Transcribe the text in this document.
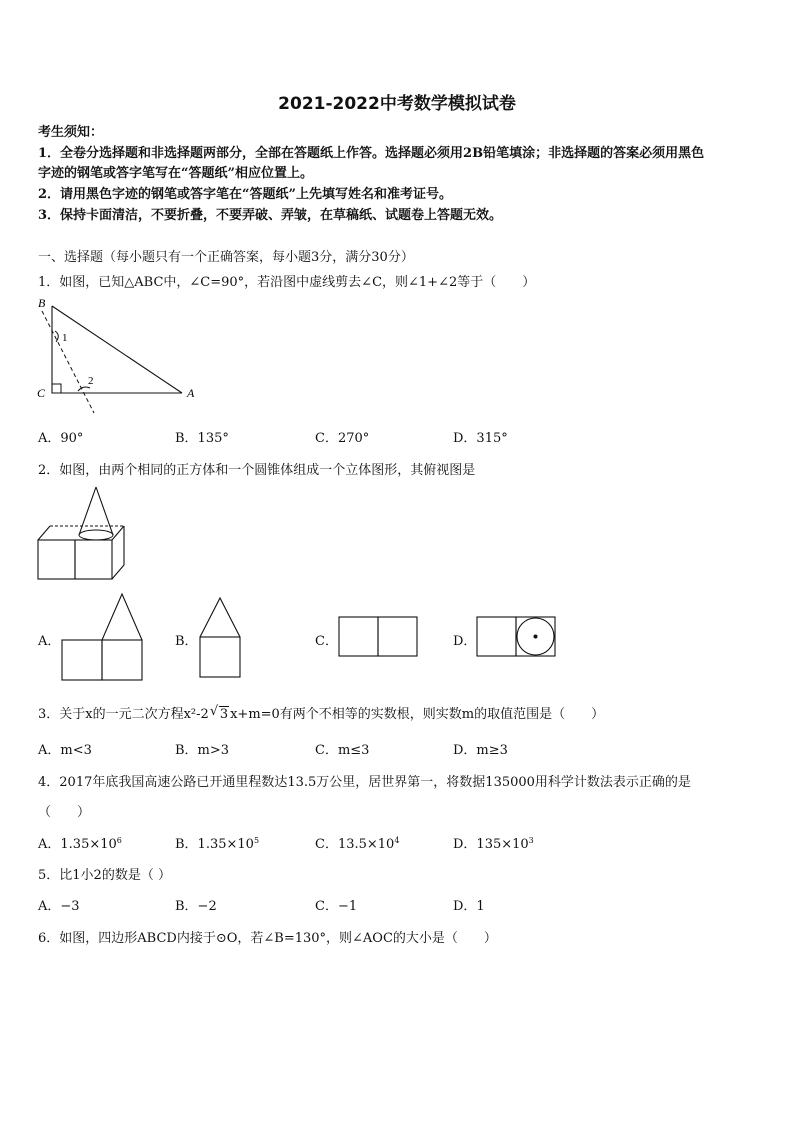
2021-2022中考数学模拟试卷
考生须知：
1．全卷分选择题和非选择题两部分，全部在答题纸上作答。选择题必须用2B铅笔填涂；非选择题的答案必须用黑色
字迹的钢笔或答字笔写在“答题纸”相应位置上。
2．请用黑色字迹的钢笔或答字笔在“答题纸”上先填写姓名和准考证号。
3．保持卡面清洁，不要折叠，不要弄破、弄皱，在草稿纸、试题卷上答题无效。
一、选择题（每小题只有一个正确答案，每小题3分，满分30分）
1．如图，已知△ABC中，∠C=90°，若沿图中虚线剪去∠C，则∠1+∠2等于（　　）
B
C	A
1
2
A．90°	B．135°	C．270°	D．315°
2．如图，由两个相同的正方体和一个圆锥体组成一个立体图形，其俯视图是
A．	B．	C．	D．
3．关于x的一元二次方程x²-2 √ 3 x+m=0有两个不相等的实数根，则实数m的取值范围是（　　）
A．m<3	B．m>3	C．m≤3	D．m≥3
4．2017年底我国高速公路已开通里程数达13.5万公里，居世界第一，将数据135000用科学计数法表示正确的是
（　　）
A．$1.35\times 10^6$	B．$1.35\times 10^5$	C．$13.5\times 10^4$	D．$135\times 10^3$
5．比1小2的数是（ ）
A．−3	B．−2	C．−1	D．1
6．如图，四边形ABCD内接于⊙O，若∠B=130°，则∠AOC的大小是（　　）
